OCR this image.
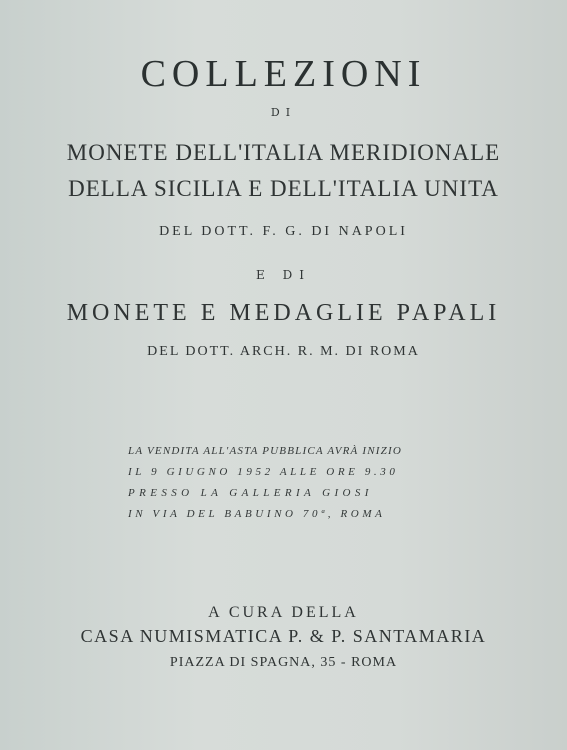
COLLEZIONI
DI
MONETE DELL'ITALIA MERIDIONALE
DELLA SICILIA E DELL'ITALIA UNITA
DEL DOTT. F. G. DI NAPOLI
E DI
MONETE E MEDAGLIE PAPALI
DEL DOTT. ARCH. R. M. DI ROMA
LA VENDITA ALL'ASTA PUBBLICA AVRÀ INIZIO
IL 9 GIUGNO 1952 ALLE ORE 9.30
PRESSO LA GALLERIA GIOSI
IN VIA DEL BABUINO 70ª, ROMA
A CURA DELLA
CASA NUMISMATICA P. & P. SANTAMARIA
PIAZZA DI SPAGNA, 35 - ROMA
